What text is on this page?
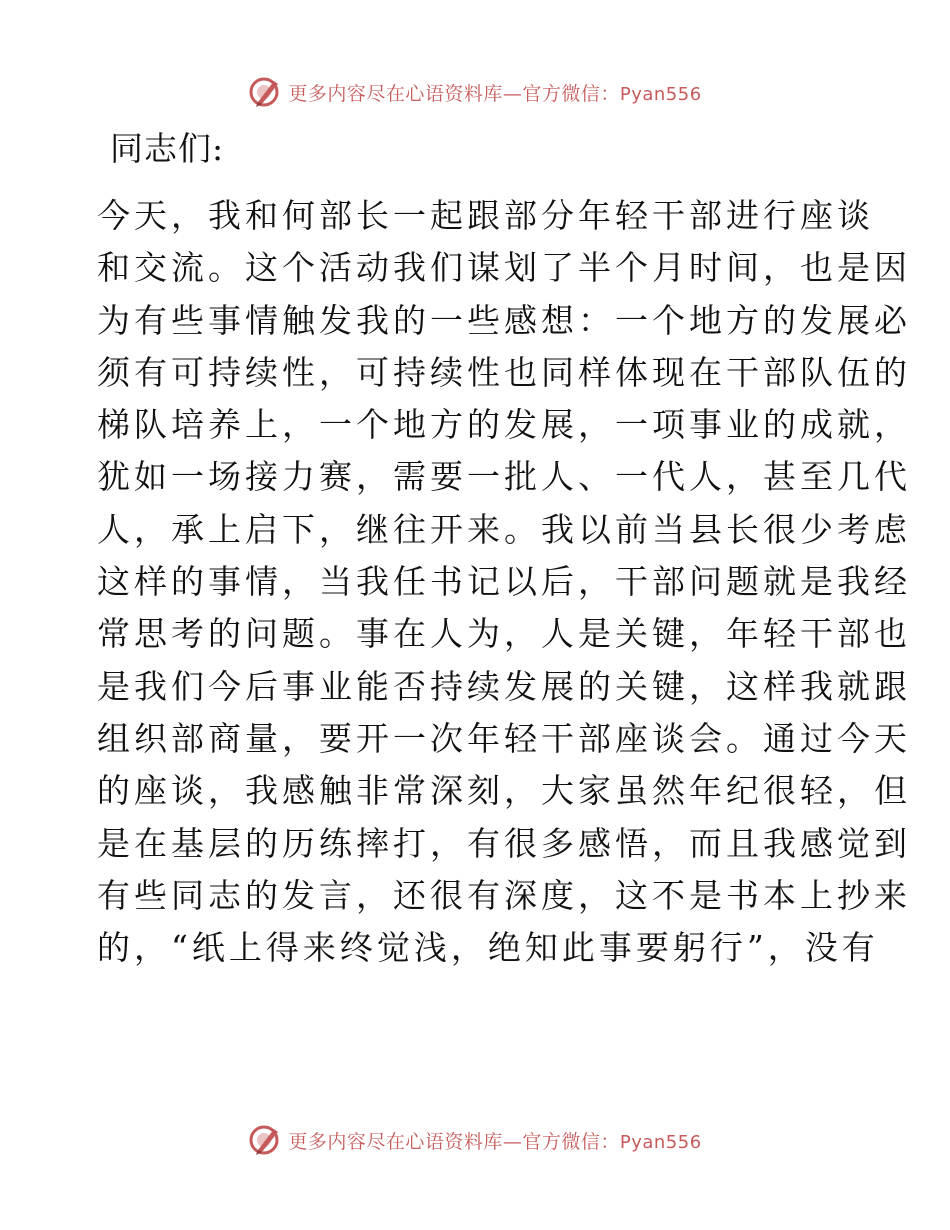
更多内容尽在心语资料库—官方微信：Pyan556
同志们:
今天，我和何部长一起跟部分年轻干部进行座谈
和交流。这个活动我们谋划了半个月时间，也是因
为有些事情触发我的一些感想：一个地方的发展必
须有可持续性，可持续性也同样体现在干部队伍的
梯队培养上，一个地方的发展，一项事业的成就，
犹如一场接力赛，需要一批人、一代人，甚至几代
人，承上启下，继往开来。我以前当县长很少考虑
这样的事情，当我任书记以后，干部问题就是我经
常思考的问题。事在人为，人是关键，年轻干部也
是我们今后事业能否持续发展的关键，这样我就跟
组织部商量，要开一次年轻干部座谈会。通过今天
的座谈，我感触非常深刻，大家虽然年纪很轻，但
是在基层的历练摔打，有很多感悟，而且我感觉到
有些同志的发言，还很有深度，这不是书本上抄来
的，“纸上得来终觉浅，绝知此事要躬行”，没有
更多内容尽在心语资料库—官方微信：Pyan556
